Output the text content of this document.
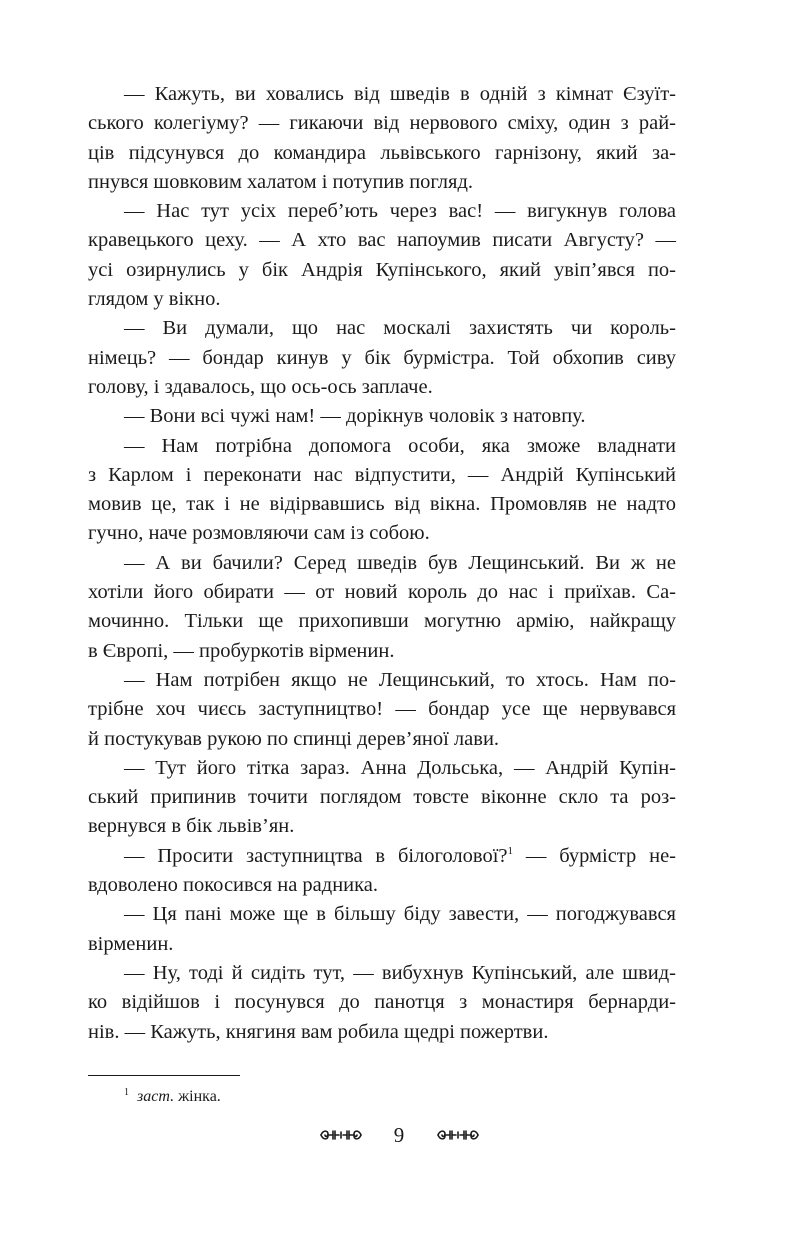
— Кажуть, ви ховались від шведів в одній з кімнат Єзуїт-
ського колегіуму? — гикаючи від нервового сміху, один з рай-
ців підсунувся до командира львівського гарнізону, який за-
пнувся шовковим халатом і потупив погляд.
— Нас тут усіх переб’ють через вас! — вигукнув голова
кравецького цеху. — А хто вас напоумив писати Августу? —
усі озирнулись у бік Андрія Купінського, який увіп’явся по-
глядом у вікно.
— Ви думали, що нас москалі захистять чи король-
німець? — бондар кинув у бік бурмістра. Той обхопив сиву
голову, і здавалось, що ось-ось заплаче.
— Вони всі чужі нам! — дорікнув чоловік з натовпу.
— Нам потрібна допомога особи, яка зможе владнати
з Карлом і переконати нас відпустити, — Андрій Купінський
мовив це, так і не відірвавшись від вікна. Промовляв не надто
гучно, наче розмовляючи сам із собою.
— А ви бачили? Серед шведів був Лещинський. Ви ж не
хотіли його обирати — от новий король до нас і приїхав. Са-
мочинно. Тільки ще прихопивши могутню армію, найкращу
в Європі, — пробуркотів вірменин.
— Нам потрібен якщо не Лещинський, то хтось. Нам по-
трібне хоч чиєсь заступництво! — бондар усе ще нервувався
й постукував рукою по спинці дерев’яної лави.
— Тут його тітка зараз. Анна Дольська, — Андрій Купін-
ський припинив точити поглядом товсте віконне скло та роз-
вернувся в бік львів’ян.
— Просити заступництва в білоголової?$^1$ — бурмістр не-
вдоволено покосився на радника.
— Ця пані може ще в більшу біду завести, — погоджувався
вірменин.
— Ну, тоді й сидіть тут, — вибухнув Купінський, але швид-
ко відійшов і посунувся до панотця з монастиря бернарди-
нів. — Кажуть, княгиня вам робила щедрі пожертви.
$^1$ заст. жінка.
9
